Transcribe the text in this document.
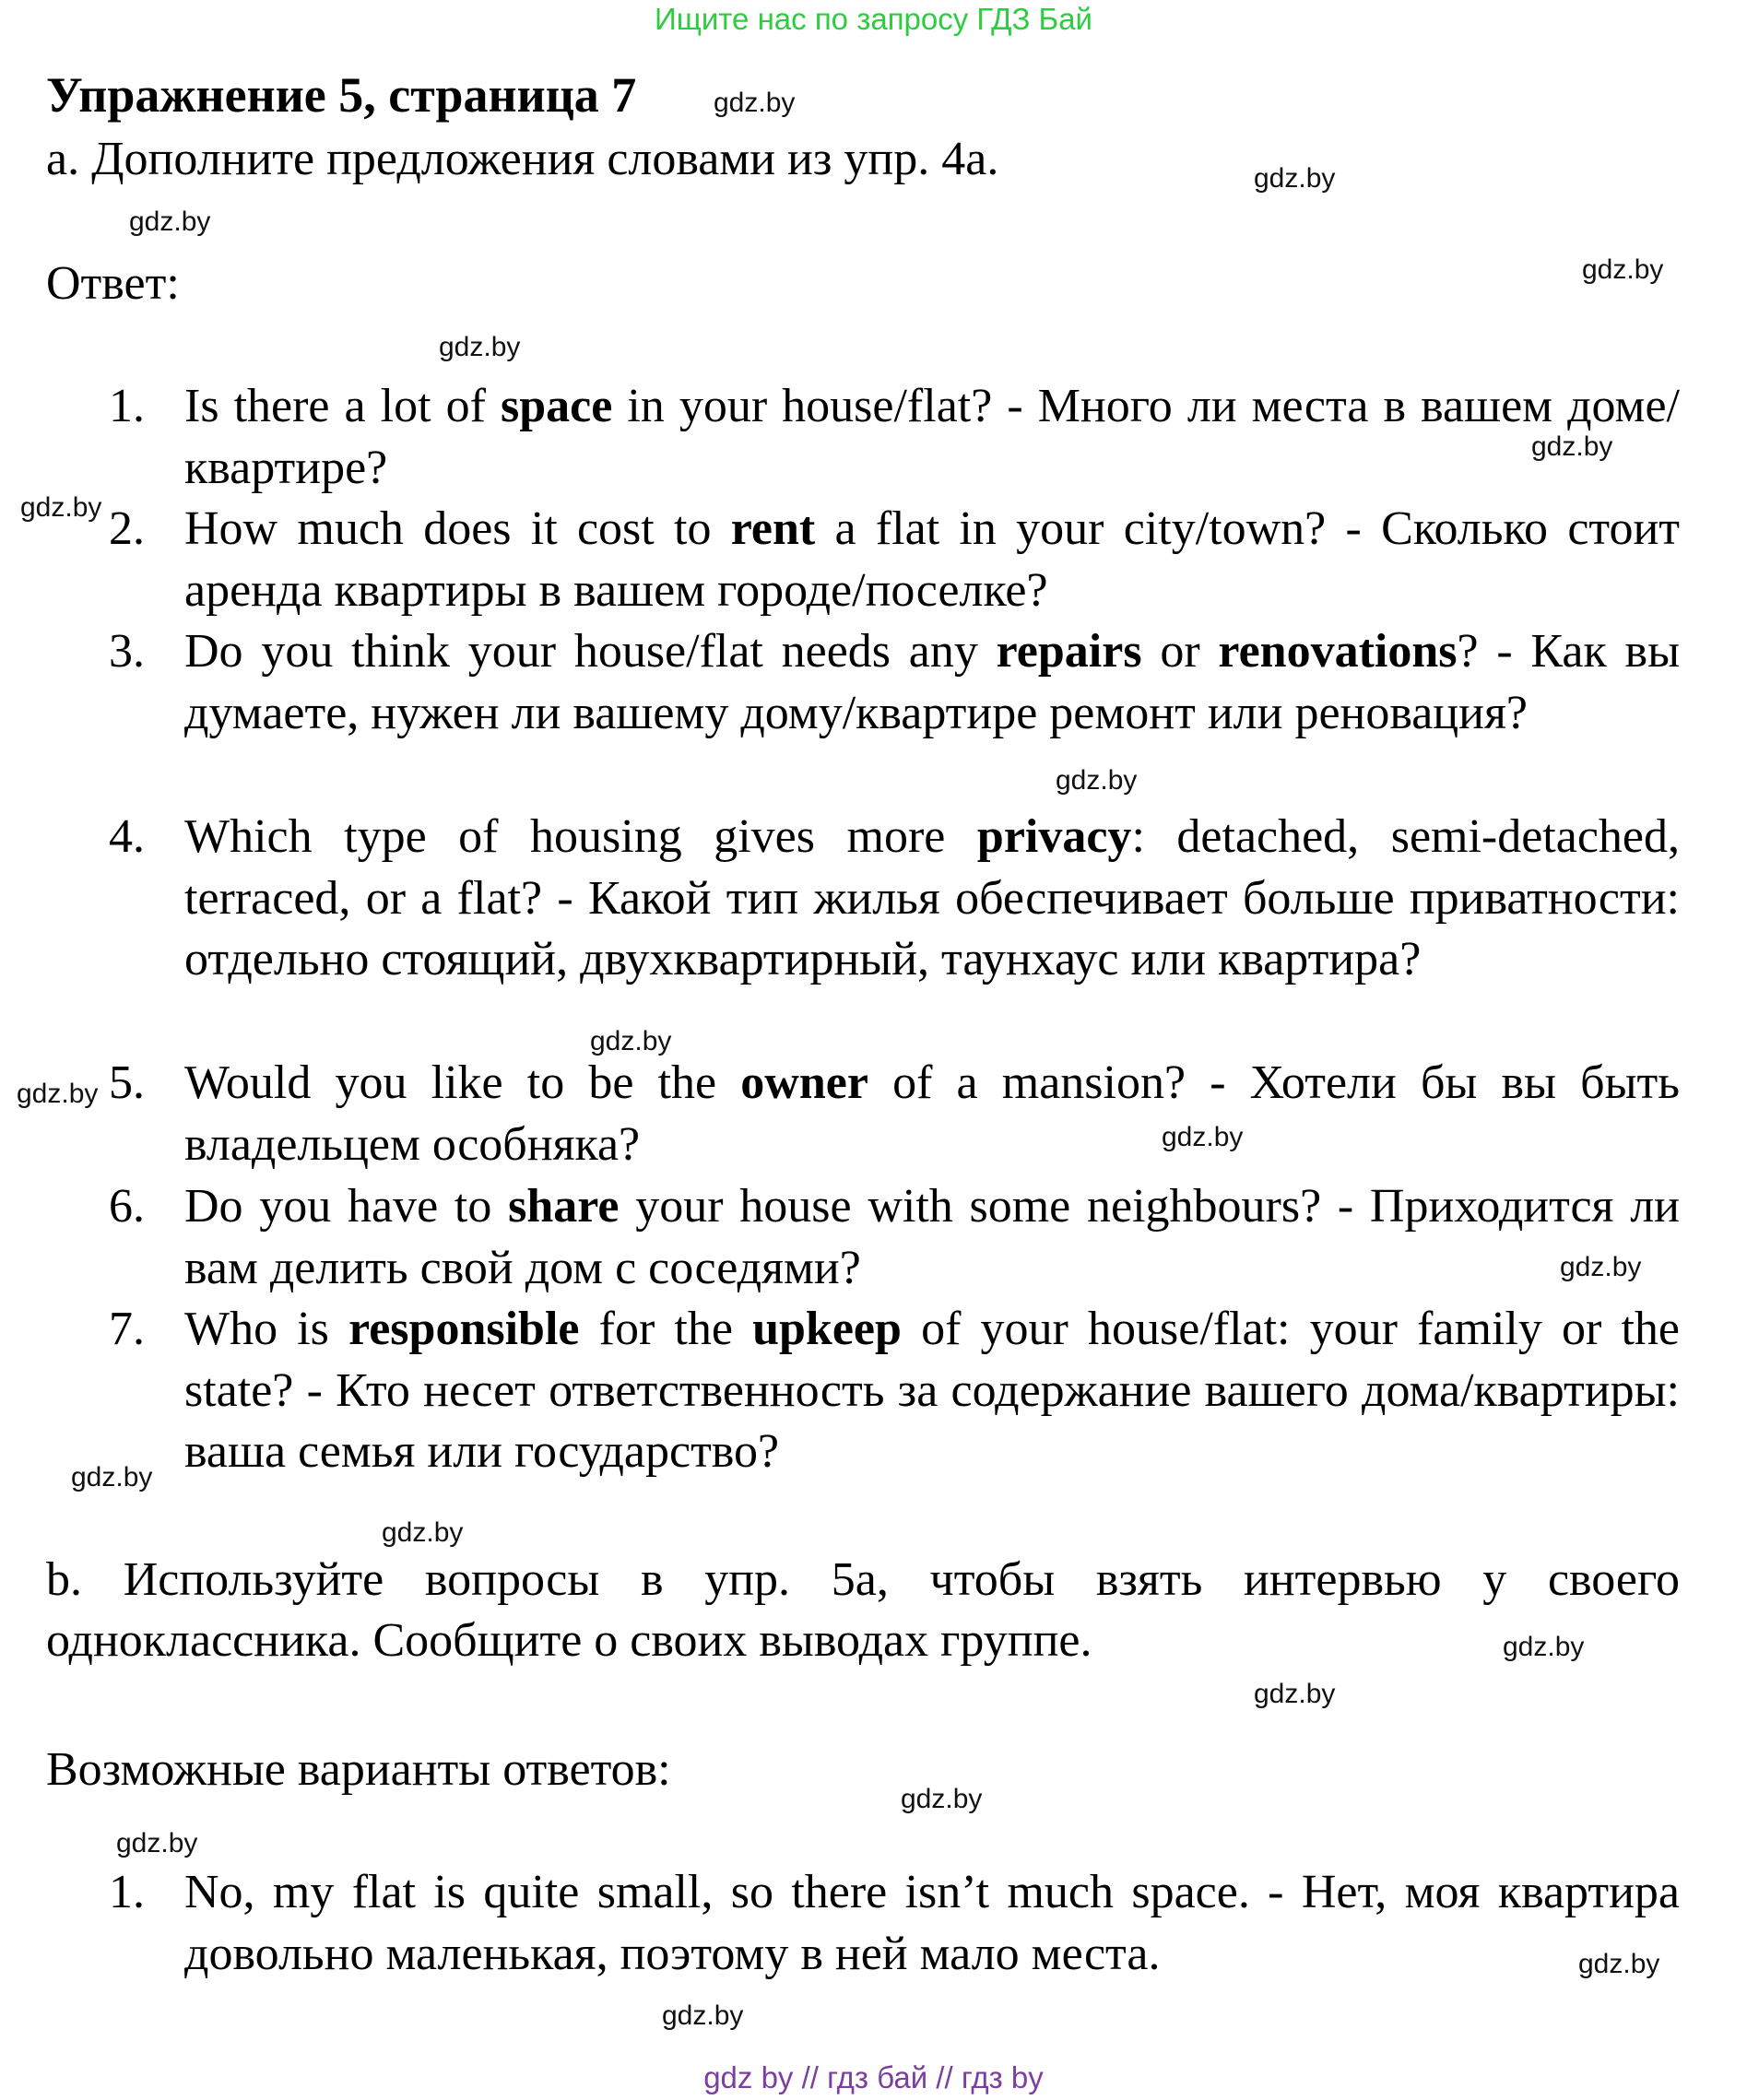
Ищите нас по запросу ГДЗ Бай
Упражнение 5, страница 7
a. Дополните предложения словами из упр. 4a.
Ответ:
1. Is there a lot of space in your house/flat? - Много ли места в вашем доме/квартире?
2. How much does it cost to rent a flat in your city/town? - Сколько стоит аренда квартиры в вашем городе/поселке?
3. Do you think your house/flat needs any repairs or renovations? - Как вы думаете, нужен ли вашему дому/квартире ремонт или реновация?
4. Which type of housing gives more privacy: detached, semi-detached, terraced, or a flat? - Какой тип жилья обеспечивает больше приватности: отдельно стоящий, двухквартирный, таунхаус или квартира?
5. Would you like to be the owner of a mansion? - Хотели бы вы быть владельцем особняка?
6. Do you have to share your house with some neighbours? - Приходится ли вам делить свой дом с соседями?
7. Who is responsible for the upkeep of your house/flat: your family or the state? - Кто несет ответственность за содержание вашего дома/квартиры: ваша семья или государство?
b. Используйте вопросы в упр. 5a, чтобы взять интервью у своего одноклассника. Сообщите о своих выводах группе.
Возможные варианты ответов:
1. No, my flat is quite small, so there isn’t much space. - Нет, моя квартира довольно маленькая, поэтому в ней мало места.
gdz.by
gdz.by
gdz.by
gdz.by
gdz.by
gdz.by
gdz.by
gdz.by
gdz.by
gdz.by
gdz.by
gdz.by
gdz.by
gdz.by
gdz.by
gdz.by
gdz.by
gdz.by
gdz.by
gdz.by
gdz by // гдз бай // гдз by
